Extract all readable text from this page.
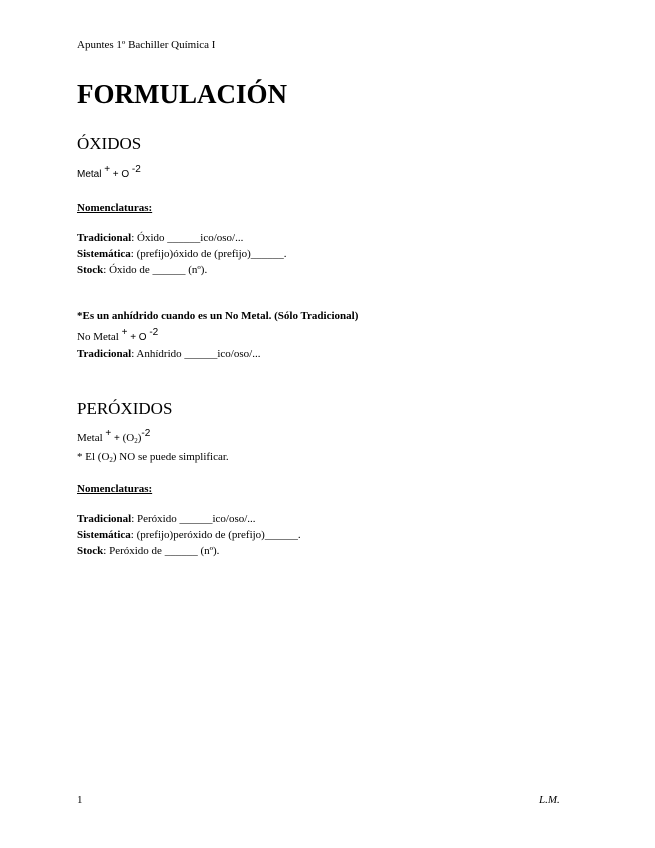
Apuntes 1º Bachiller Química I
FORMULACIÓN
ÓXIDOS
Metal + + O $^{-2}$
Nomenclaturas:
Tradicional: Óxido ______ico/oso/...
Sistemática: (prefijo)óxido de (prefijo)______.
Stock: Óxido de ______ (nº).
*Es un anhídrido cuando es un No Metal. (Sólo Tradicional)
No Metal + + O $^{-2}$
Tradicional: Anhídrido ______ico/oso/...
PERÓXIDOS
Metal $^+ + (O_2)^{-2}$
* El $(O_2)$ NO se puede simplificar.
Nomenclaturas:
Tradicional: Peróxido ______ico/oso/...
Sistemática: (prefijo)peróxido de (prefijo)______.
Stock: Peróxido de ______ (nº).
1	L.M.
